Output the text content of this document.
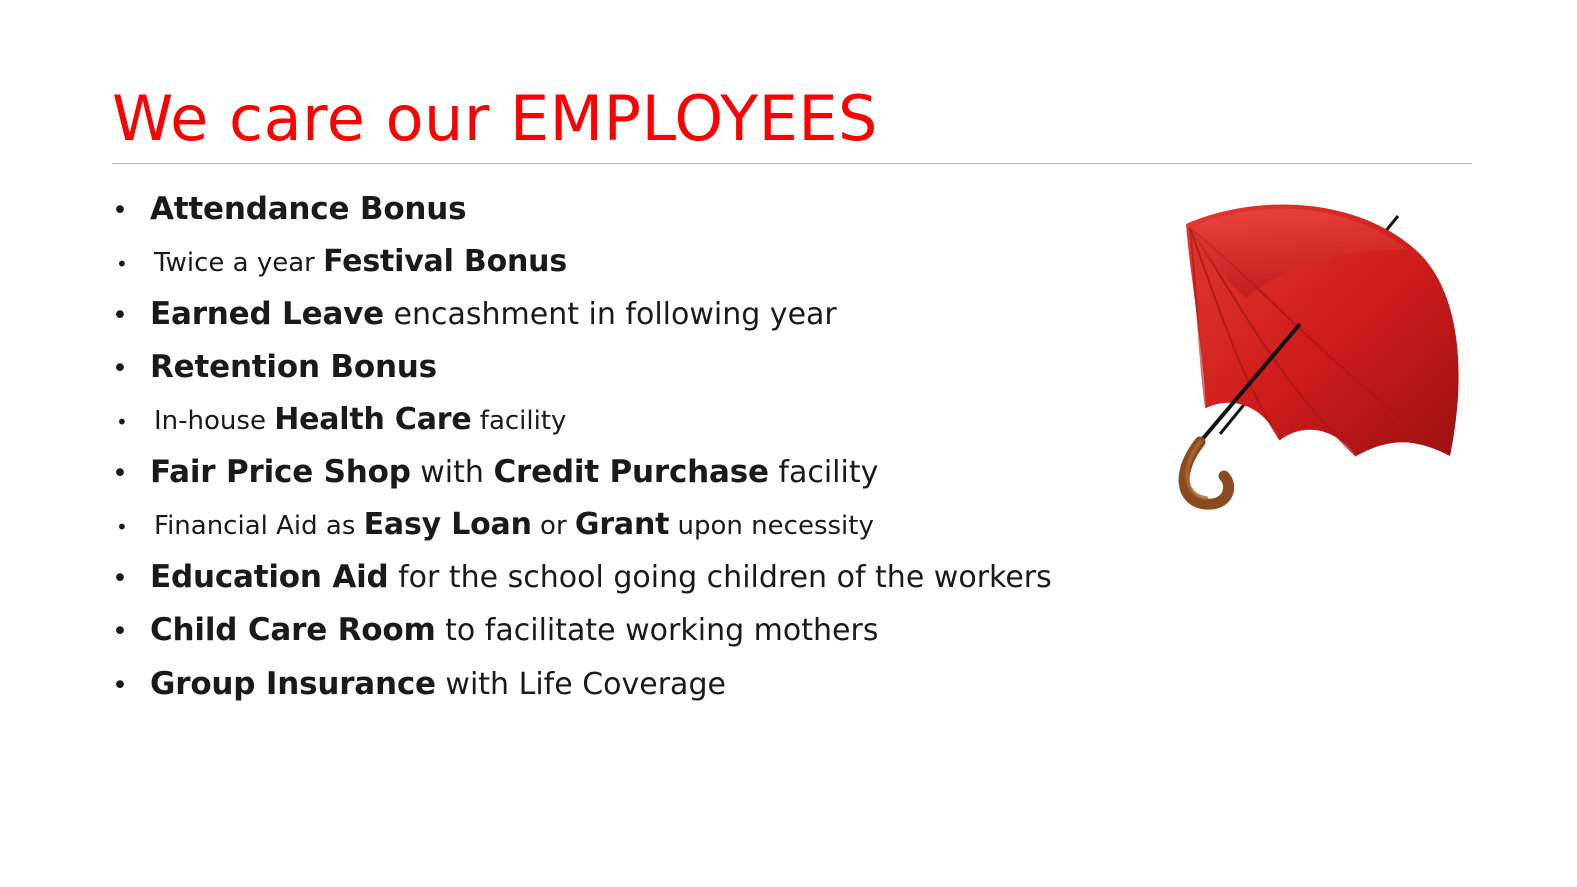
We care our EMPLOYEES
• Attendance Bonus
•	Twice a year Festival Bonus
• Earned Leave encashment in following year
• Retention Bonus
•	In-house Health Care facility
• Fair Price Shop with Credit Purchase facility
•	Financial Aid as Easy Loan or Grant upon necessity
• Education Aid for the school going children of the workers
• Child Care Room to facilitate working mothers
• Group Insurance with Life Coverage
